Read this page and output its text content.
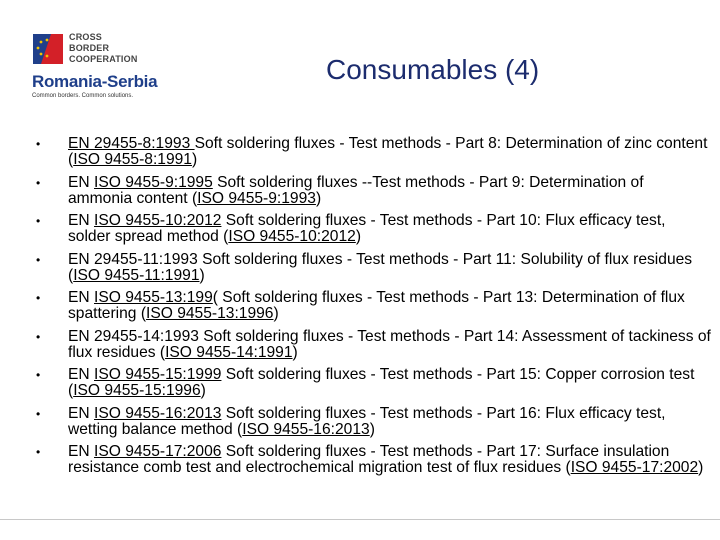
CROSS
BORDER
COOPERATION
Romania-Serbia
Common borders. Common solutions.
Consumables (4)
• EN 29455-8:1993 Soft soldering fluxes - Test methods - Part 8: Determination of zinc content (ISO 9455-8:1991)
• EN ISO 9455-9:1995 Soft soldering fluxes --Test methods - Part 9: Determination of ammonia content (ISO 9455-9:1993)
• EN ISO 9455-10:2012 Soft soldering fluxes - Test methods - Part 10: Flux efficacy test, solder spread method (ISO 9455-10:2012)
• EN 29455-11:1993 Soft soldering fluxes - Test methods - Part 11: Solubility of flux residues (ISO 9455-11:1991)
• EN ISO 9455-13:199( Soft soldering fluxes - Test methods - Part 13: Determination of flux spattering (ISO 9455-13:1996)
• EN 29455-14:1993 Soft soldering fluxes - Test methods - Part 14: Assessment of tackiness of flux residues (ISO 9455-14:1991)
• EN ISO 9455-15:1999 Soft soldering fluxes - Test methods - Part 15: Copper corrosion test (ISO 9455-15:1996)
• EN ISO 9455-16:2013 Soft soldering fluxes - Test methods - Part 16: Flux efficacy test, wetting balance method (ISO 9455-16:2013)
• EN ISO 9455-17:2006 Soft soldering fluxes - Test methods - Part 17: Surface insulation resistance comb test and electrochemical migration test of flux residues (ISO 9455-17:2002)
